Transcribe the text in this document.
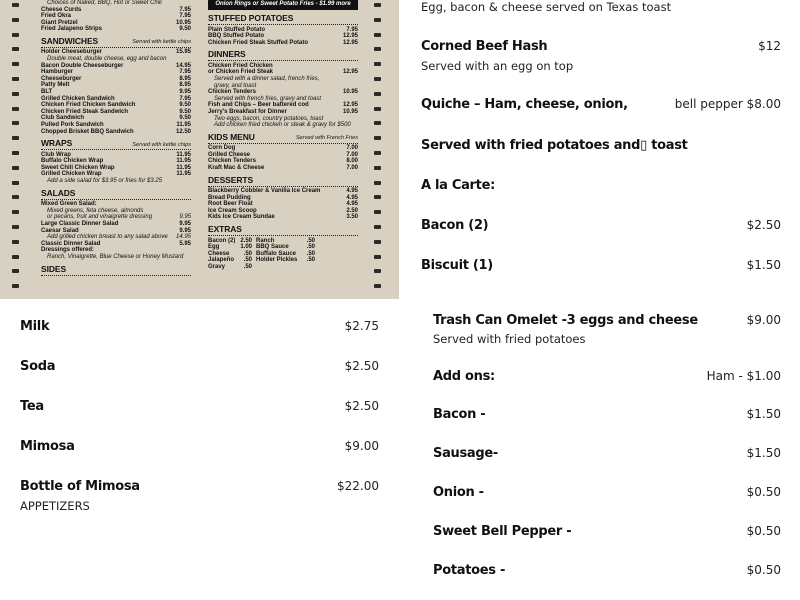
Choices of Naked, BBQ, Hot or Sweet Chili
Cheese Curds	7.95
Fried Okra	7.95
Giant Pretzel	10.95
Fried Jalapeno Strips	9.50
SANDWICHES	Served with kettle chips
Holder Cheeseburger	15.95
Double meat, double cheese, egg and bacon
Bacon Double Cheeseburger	14.95
Hamburger	7.95
Cheeseburger	8.95
Patty Melt	8.95
BLT	9.95
Grilled Chicken Sandwich	7.95
Chicken Fried Chicken Sandwich	9.50
Chicken Fried Steak Sandwich	9.50
Club Sandwich	9.50
Pulled Pork Sandwich	11.95
Chopped Brisket BBQ Sandwich	12.50
WRAPS	Served with kettle chips
Club Wrap	11.95
Buffalo Chicken Wrap	11.95
Sweet Chili Chicken Wrap	11.95
Grilled Chicken Wrap	11.95
Add a side salad for $3.95 or fries for $3.25
SALADS
Mixed Green Salad:
Mixed greens, feta cheese, almonds
or pecans, fruit and vinaigrette dressing	9.95
Large Classic Dinner Salad	9.95
Caesar Salad	9.95
Add grilled chicken breast to any salad above	14.95
Classic Dinner Salad	5.95
Dressings offered:
Ranch, Vinaigrette, Blue Cheese or Honey Mustard
SIDES
Onion Rings or Sweet Potato Fries - $1.99 more
STUFFED POTATOES
Plain Stuffed Potato	7.95
BBQ Stuffed Potato	12.95
Chicken Fried Steak Stuffed Potato	12.95
DINNERS
Chicken Fried Chicken
or Chicken Fried Steak	12.95
Served with a dinner salad, french fries,
gravy, and toast
Chicken Tenders	10.95
Served with french fries, gravy and toast
Fish and Chips – Beer battered cod	12.95
Jerry's Breakfast for Dinner	10.95
Two eggs, bacon, country potatoes, toast
Add chicken fried chicken or steak & gravy for $500
KIDS MENU	Served with French Fries
Corn Dog	7.00
Grilled Cheese	7.00
Chicken Tenders	8.00
Kraft Mac & Cheese	7.00
DESSERTS
Blackberry Cobbler & Vanilla Ice Cream	4.95
Bread Pudding	4.95
Root Beer Float	4.95
Ice Cream Scoop	2.50
Kids Ice Cream Sundae	3.50
EXTRAS
Bacon (2) 2.50 Ranch	.50
Egg	1.00 BBQ Sauce	.50
Cheese	.50 Buffalo Sauce	.50
Jalapeño	.50 Holder Pickles	.50
Gravy	.50
Egg, bacon & cheese served on Texas toast
Corned Beef Hash	$12
Served with an egg on top
Quiche – Ham, cheese, onion,	bell pepper $8.00
Served with fried potatoes and▯ toast
A la Carte:
Bacon (2)	$2.50
Biscuit (1)	$1.50
Milk	$2.75
Soda	$2.50
Tea	$2.50
Mimosa	$9.00
Bottle of Mimosa	$22.00
APPETIZERS
Trash Can Omelet -3 eggs and cheese	$9.00
Served with fried potatoes
Add ons:	Ham - $1.00
Bacon -	$1.50
Sausage-	$1.50
Onion -	$0.50
Sweet Bell Pepper -	$0.50
Potatoes -	$0.50
